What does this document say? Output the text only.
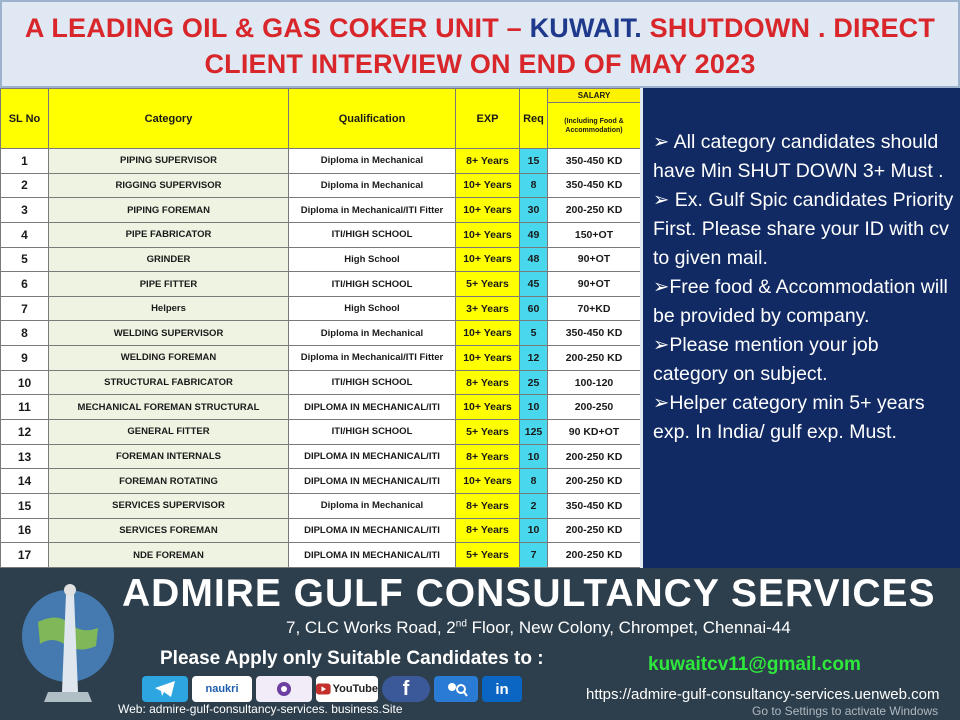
A LEADING OIL & GAS COKER UNIT – KUWAIT. SHUTDOWN . DIRECT
CLIENT INTERVIEW ON END OF MAY 2023
SL No	Category	Qualification	EXP	Req	SALARY
					(Including Food & Accommodation)
1	PIPING SUPERVISOR	Diploma in Mechanical	8+ Years	15	350-450 KD
2	RIGGING SUPERVISOR	Diploma in Mechanical	10+ Years	8	350-450 KD
3	PIPING FOREMAN	Diploma in Mechanical/ITI Fitter	10+ Years	30	200-250 KD
4	PIPE FABRICATOR	ITI/HIGH SCHOOL	10+ Years	49	150+OT
5	GRINDER	High School	10+ Years	48	90+OT
6	PIPE FITTER	ITI/HIGH SCHOOL	5+ Years	45	90+OT
7	Helpers	High School	3+ Years	60	70+KD
8	WELDING SUPERVISOR	Diploma in Mechanical	10+ Years	5	350-450 KD
9	WELDING FOREMAN	Diploma in Mechanical/ITI Fitter	10+ Years	12	200-250 KD
10	STRUCTURAL FABRICATOR	ITI/HIGH SCHOOL	8+ Years	25	100-120
11	MECHANICAL FOREMAN STRUCTURAL	DIPLOMA IN MECHANICAL/ITI	10+ Years	10	200-250
12	GENERAL FITTER	ITI/HIGH SCHOOL	5+ Years	125	90 KD+OT
13	FOREMAN INTERNALS	DIPLOMA IN MECHANICAL/ITI	8+ Years	10	200-250 KD
14	FOREMAN ROTATING	DIPLOMA IN MECHANICAL/ITI	10+ Years	8	200-250 KD
15	SERVICES SUPERVISOR	Diploma in Mechanical	8+ Years	2	350-450 KD
16	SERVICES FOREMAN	DIPLOMA IN MECHANICAL/ITI	8+ Years	10	200-250 KD
17	NDE FOREMAN	DIPLOMA IN MECHANICAL/ITI	5+ Years	7	200-250 KD

➢ All category candidates should have Min SHUT DOWN 3+ Must .

➢ Ex. Gulf Spic candidates Priority First. Please share your ID with cv to given mail.

➢Free food & Accommodation will be provided by company.

➢Please mention your job category on subject.

➢Helper category min 5+ years exp. In India/ gulf exp. Must.

ADMIRE GULF CONSULTANCY SERVICES
7, CLC Works Road, 2nd Floor, New Colony, Chrompet, Chennai-44
Please Apply only Suitable Candidates to :	kuwaitcv11@gmail.com
naukri	YouTube f	in
Web: admire-gulf-consultancy-services. business.Site
https://admire-gulf-consultancy-services.uenweb.com
Go to Settings to activate Windows
